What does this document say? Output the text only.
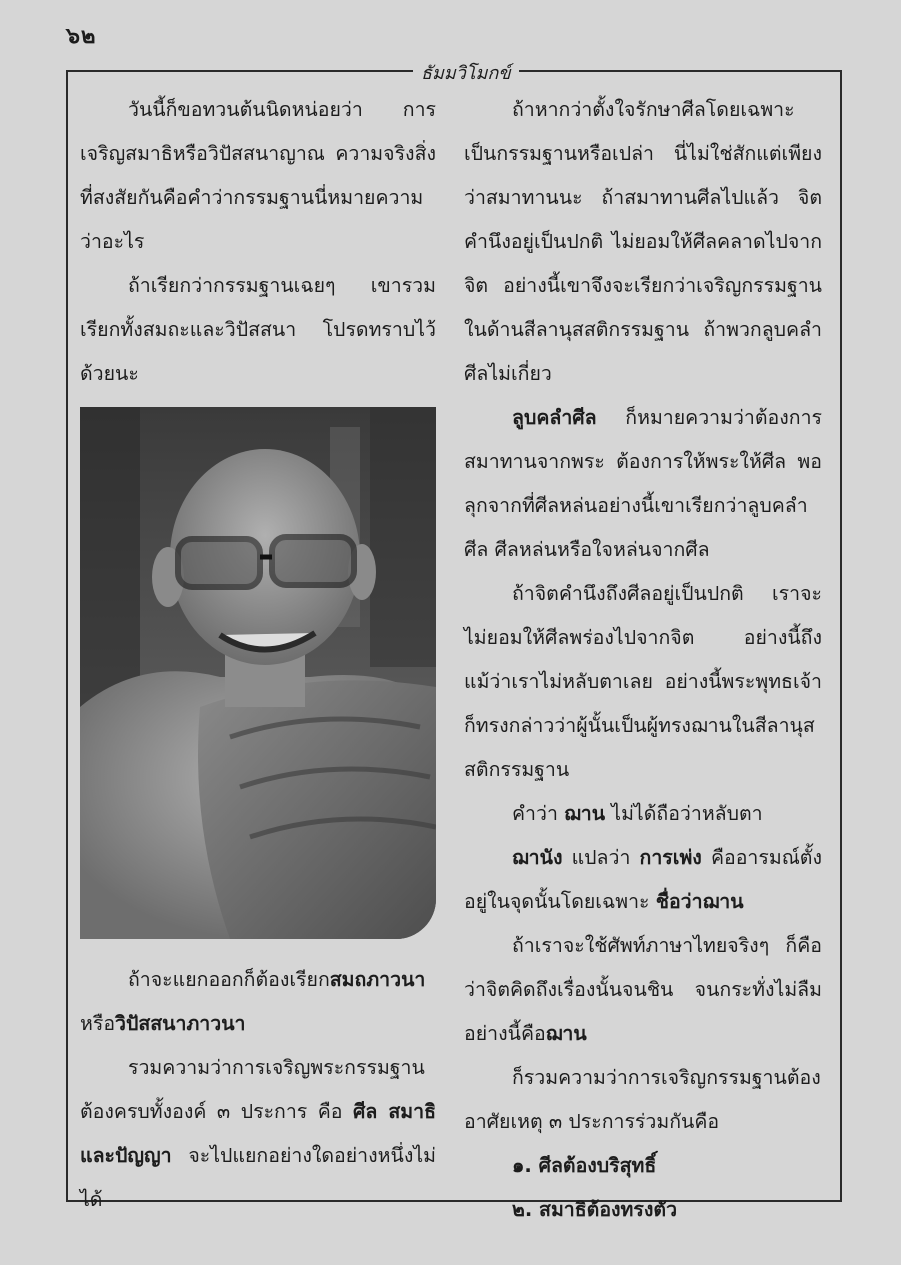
๖๒
ธัมมวิโมกข์

วันนี้ก็ขอทวนต้นนิดหน่อยว่า การเจริญสมาธิหรือวิปัสสนาญาณ ความจริงสิ่งที่สงสัยกันคือคำว่ากรรมฐานนี่หมายความว่าอะไร

ถ้าเรียกว่ากรรมฐานเฉยๆ เขารวมเรียกทั้งสมถะและวิปัสสนา โปรดทราบไว้ด้วยนะ

ถ้าจะแยกออกก็ต้องเรียกสมถภาวนา หรือวิปัสสนาภาวนา

รวมความว่าการเจริญพระกรรมฐานต้องครบทั้งองค์ ๓ ประการ คือ ศีล สมาธิและปัญญา จะไปแยกอย่างใดอย่างหนึ่งไม่ได้

ถ้าหากว่าตั้งใจรักษาศีลโดยเฉพาะเป็นกรรมฐานหรือเปล่า นี่ไม่ใช่สักแต่เพียงว่าสมาทานนะ ถ้าสมาทานศีลไปแล้ว จิตคำนึงอยู่เป็นปกติ ไม่ยอมให้ศีลคลาดไปจากจิต อย่างนี้เขาจึงจะเรียกว่าเจริญกรรมฐานในด้านสีลานุสสติกรรมฐาน ถ้าพวกลูบคลำศีลไม่เกี่ยว

ลูบคลำศีล ก็หมายความว่าต้องการสมาทานจากพระ ต้องการให้พระให้ศีล พอลุกจากที่ศีลหล่นอย่างนี้เขาเรียกว่าลูบคลำศีล ศีลหล่นหรือใจหล่นจากศีล

ถ้าจิตคำนึงถึงศีลอยู่เป็นปกติ เราจะไม่ยอมให้ศีลพร่องไปจากจิต อย่างนี้ถึงแม้ว่าเราไม่หลับตาเลย อย่างนี้พระพุทธเจ้าก็ทรงกล่าวว่าผู้นั้นเป็นผู้ทรงฌานในสีลานุสสติกรรมฐาน

คำว่า ฌาน ไม่ได้ถือว่าหลับตา

ฌานัง แปลว่า การเพ่ง คืออารมณ์ตั้งอยู่ในจุดนั้นโดยเฉพาะ ชื่อว่าฌาน

ถ้าเราจะใช้ศัพท์ภาษาไทยจริงๆ ก็คือว่าจิตคิดถึงเรื่องนั้นจนชิน จนกระทั่งไม่ลืม อย่างนี้คือฌาน

ก็รวมความว่าการเจริญกรรมฐานต้องอาศัยเหตุ ๓ ประการร่วมกันคือ

๑. ศีลต้องบริสุทธิ์

๒. สมาธิต้องทรงตัว
